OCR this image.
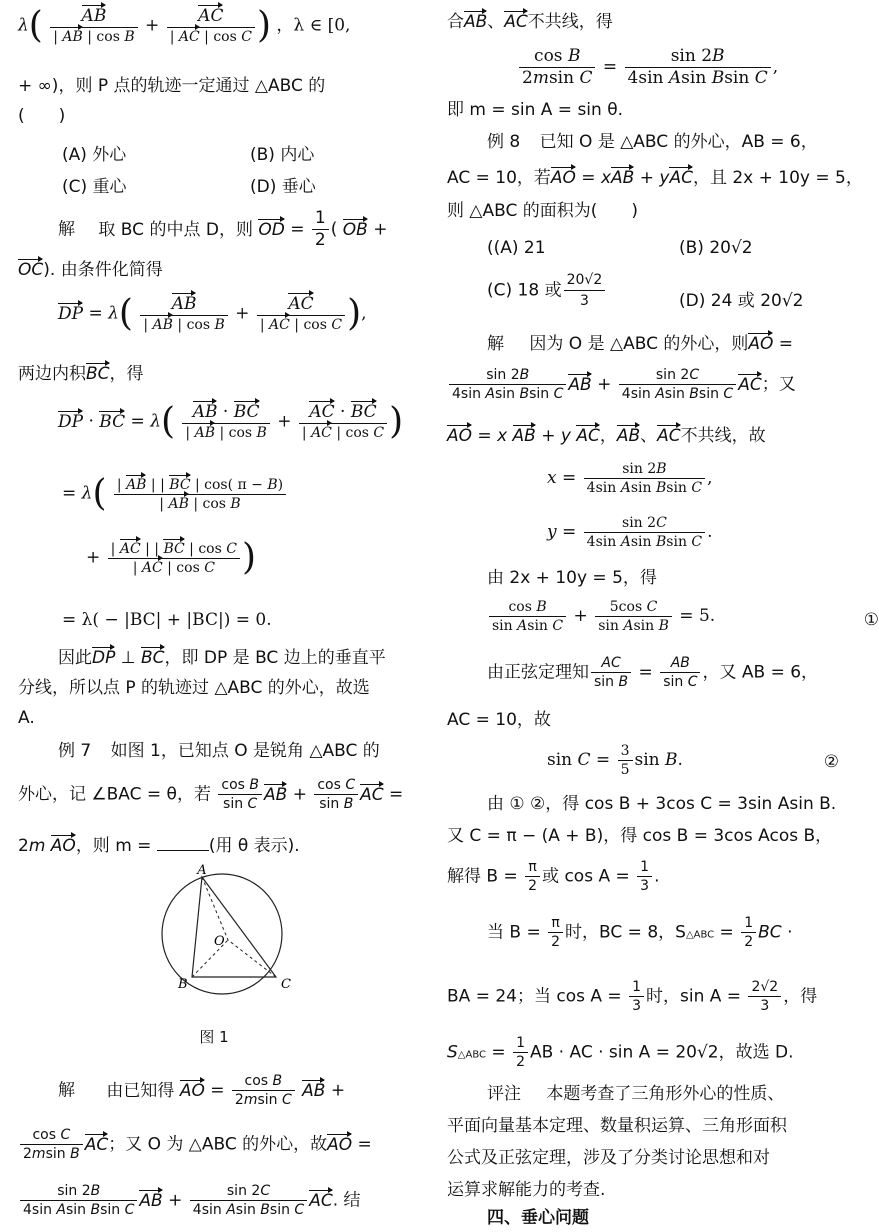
$\lambda( \frac{AB}{\text{| AB | cos B}} + \frac{AC}{\text{| AC | cos C}}$ ) ，λ ∈ [0,
+ ∞)，则 P 点的轨迹一定通过 △ABC 的
(　　)
(A) 外心	(B) 内心
(C) 重心	(D) 垂心
解 取 BC 的中点 D，则 OD = $\frac{1}{2}$ ( OB +
OC). 由条件化简得
DP = $\lambda( \frac{AB}{\text{| AB | cos B}} + \frac{AC}{\text{| AC | cos C}}$ ),
两边内积BC，得
DP · BC = $\lambda( \frac{AB \cdot BC}{\text{| AB | cos B}} + \frac{AC \cdot BC}{\text{| AC | cos C}}$ )
= $\lambda( \frac{| AB | | BC | \cos( \pi - B)}{\text{| AB | cos B}}$
+ $\frac{\text{| AC | | BC | cos C}}{\text{| AC | cos C}}$ )
= λ( − |BC| + |BC|) = 0.
因此DP ⊥ BC，即 DP 是 BC 边上的垂直平
分线，所以点 P 的轨迹过 △ABC 的外心，故选
A.
例 7 如图 1，已知点 O 是锐角 △ABC 的
外心，记 ∠BAC = θ，若 $\frac{\text{cos B}}{\text{sin C}}$ AB + $\frac{\text{cos C}}{\text{sin B}}$ AC =
2m AO，则 m =	(用 θ 表示).
A
B	C
O
图 1
解 由已知得 AO = $\frac{\text{cos B}}{\text{2msin C}}$ AB +
$\frac{\text{cos C}}{\text{2msin B}}$ AC；又 O 为 △ABC 的外心，故AO =
$\frac{\sin 2B}{\text{4sin Asin Bsin C}}$ AB + $\frac{\sin 2C}{\text{4sin Asin Bsin C}}$ AC. 结
合AB、AC不共线，得
$\frac{\text{cos B}}{\text{2msin C}} = \frac{\sin 2B}{\text{4sin Asin Bsin C}}$ ,
即 m = sin A = sin θ.
例 8 已知 O 是 △ABC 的外心，AB = 6，
AC = 10，若AO = xAB + yAC，且 2x + 10y = 5，
则 △ABC 的面积为(　　)
((A) 21	(B) 20√2
(C) 18 或 $\frac{20√2}{3}$	(D) 24 或 20√2
解 因为 O 是 △ABC 的外心，则AO =
$\frac{\sin 2B}{\text{4sin Asin Bsin C}}$ AB + $\frac{\sin 2C}{\text{4sin Asin Bsin C}}$ AC；又
AO = x AB + y AC，AB、AC不共线，故
$x = \frac{\sin 2B}{\text{4sin Asin Bsin C}}$ ,
$y = \frac{\sin 2C}{\text{4sin Asin Bsin C}}$ .
由 2x + 10y = 5，得
$\frac{\text{cos B}}{\text{sin Asin C}} + \frac{\text{5cos C}}{\text{sin Asin B}} = 5$.	①
由正弦定理知 $\frac{AC}{\text{sin B}} = \frac{AB}{\text{sin C}}$ ，又 AB = 6，
AC = 10，故
$\sin C = \frac{3}{5}$ sin B.	②
由 ① ②，得 cos B + 3cos C = 3sin Asin B.
又 C = π − (A + B)，得 cos B = 3cos Acos B，
解得 $B = \frac{\pi}{2}$ 或 $\cos A = \frac{1}{3}$ .
当 $B = \frac{\pi}{2}$ 时，BC = 8，S△ABC = $\frac{1}{2}$ BC ·
BA = 24；当 $\cos A = \frac{1}{3}$ 时，$\sin A = \frac{2√2}{3}$ ，得
S△ABC = $\frac{1}{2}$ AB · AC · sin A = 20√2，故选 D.
评注 本题考查了三角形外心的性质、
平面向量基本定理、数量积运算、三角形面积
公式及正弦定理，涉及了分类讨论思想和对
运算求解能力的考查.
四、垂心问题
